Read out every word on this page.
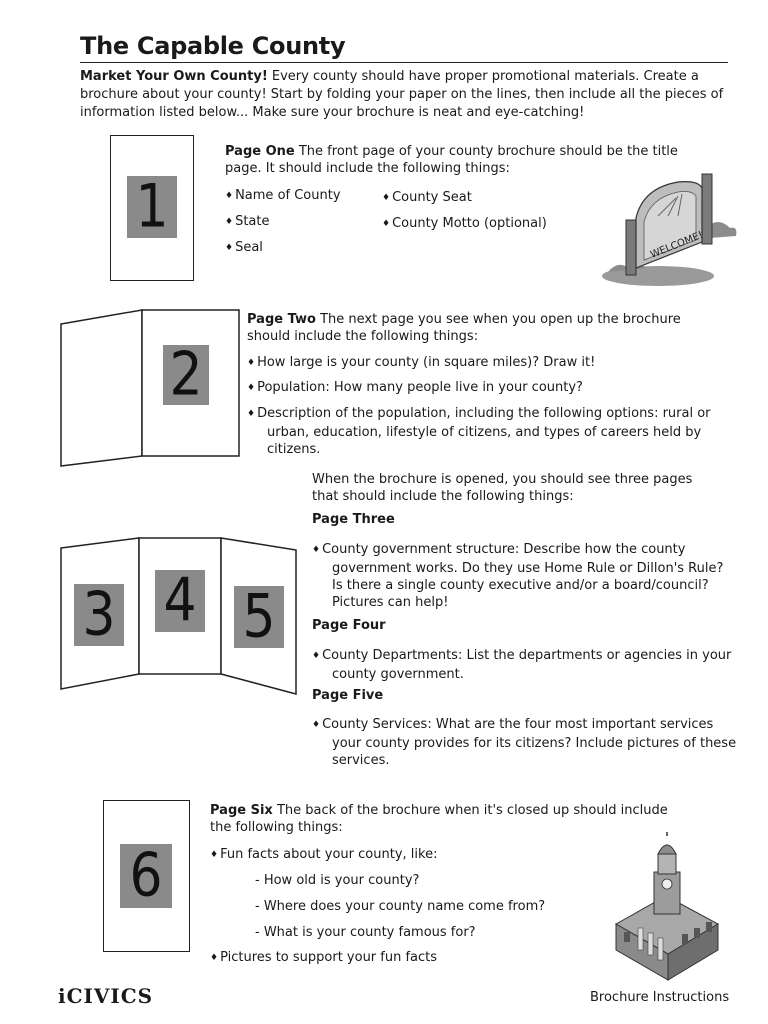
The Capable County
Market Your Own County! Every county should have proper promotional materials. Create a brochure about your county! Start by folding your paper on the lines, then include all the pieces of information listed below... Make sure your brochure is neat and eye-catching!
1
Page One The front page of your county brochure should be the title page. It should include the following things:
♦ Name of County
♦ State
♦ Seal
♦ County Seat
♦ County Motto (optional)
WELCOME!
2
Page Two The next page you see when you open up the brochure should include the following things:
♦ How large is your county (in square miles)? Draw it!
♦ Population: How many people live in your county?
♦ Description of the population, including the following options: rural or urban, education, lifestyle of citizens, and types of careers held by citizens.
When the brochure is opened, you should see three pages that should include the following things:
3 4 5
Page Three
♦ County government structure: Describe how the county government works. Do they use Home Rule or Dillon's Rule? Is there a single county executive and/or a board/council? Pictures can help!
Page Four
♦ County Departments: List the departments or agencies in your county government.
Page Five
♦ County Services: What are the four most important services your county provides for its citizens? Include pictures of these services.
6
Page Six The back of the brochure when it's closed up should include the following things:
♦ Fun facts about your county, like:
- How old is your county?
- Where does your county name come from?
- What is your county famous for?
♦ Pictures to support your fun facts
iCIVICS	Brochure Instructions
